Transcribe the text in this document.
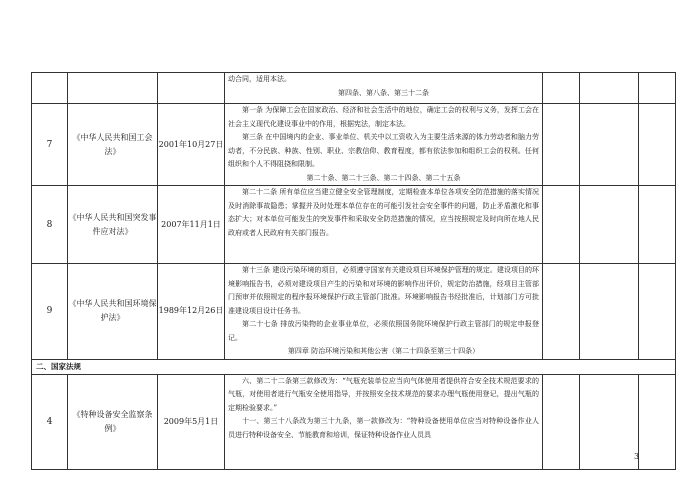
			动合同，适用本法。
第四条、第八条、第三十二条			

7	《中华人民共和国工会法》	2001年10月27日	第一条 为保障工会在国家政治、经济和社会生活中的地位，确定工会的权利与义务，发挥工会在社会主义现代化建设事业中的作用，根据宪法，制定本法。
第三条 在中国境内的企业、事业单位、机关中以工资收入为主要生活来源的体力劳动者和脑力劳动者，不分民族、种族、性别、职业、宗教信仰、教育程度，都有依法参加和组织工会的权利。任何组织和个人不得阻挠和限制。
第二十条、第二十三条、第二十四条、第二十五条			

8	《中华人民共和国突发事件应对法》	2007年11月1日	第二十二条 所有单位应当建立健全安全管理制度，定期检查本单位各项安全防范措施的落实情况及时消除事故隐患；掌握并及时处理本单位存在的可能引发社会安全事件的问题，防止矛盾激化和事态扩大；对本单位可能发生的突发事件和采取安全防范措施的情况，应当按照规定及时向所在地人民政府或者人民政府有关部门报告。			

9	《中华人民共和国环境保护法》	1989年12月26日	第十三条 建设污染环境的项目，必须遵守国家有关建设项目环境保护管理的规定。建设项目的环境影响报告书，必须对建设项目产生的污染和对环境的影响作出评价，规定防治措施，经项目主管部门预审并依照规定的程序报环境保护行政主管部门批准。环境影响报告书经批准后，计划部门方可批准建设项目设计任务书。
第二十七条 排放污染物的企业事业单位，必须依照国务院环境保护行政主管部门的规定申报登记。
第四章 防治环境污染和其他公害（第二十四条至第三十四条）			

二、国家法规						
4	《特种设备安全监察条例》	2009年5月1日	六、第二十二条第三款修改为：“气瓶充装单位应当向气体使用者提供符合安全技术规范要求的气瓶，对使用者进行气瓶安全使用指导，并按照安全技术规范的要求办理气瓶使用登记，提出气瓶的定期检验要求。”
十一、第三十八条改为第三十九条，第一款修改为：“特种设备使用单位应当对特种设备作业人员进行特种设备安全、节能教育和培训，保证特种设备作业人员具			

3
